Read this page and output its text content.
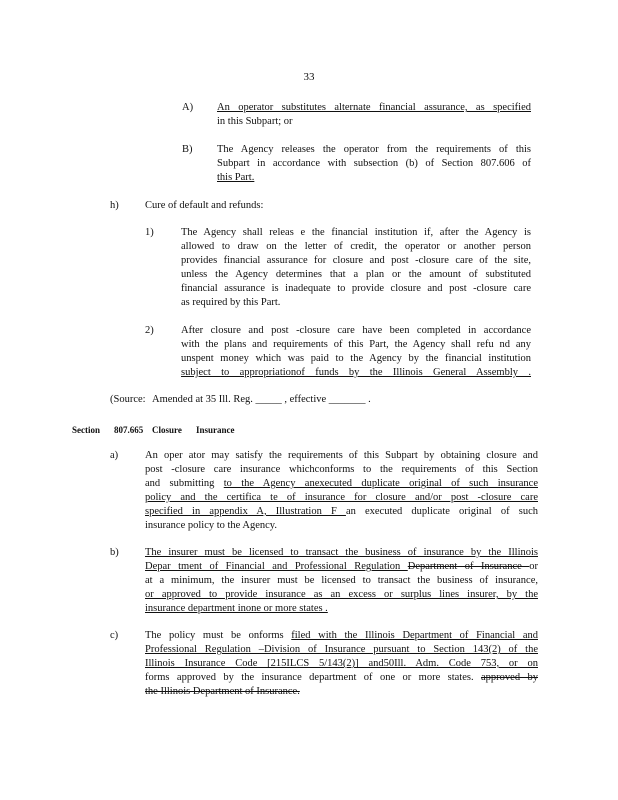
33
A) An operator substitutes alternate financial assurance, as specified
in this Subpart; or
B) The Agency releases the operator from the requirements of this
Subpart in accordance with subsection (b) of Section 807.606 of
this Part.
h)	Cure of default and refunds:
1)	The Agency shall releas e the financial institution if, after the Agency is
allowed to draw on the letter of credit, the operator or another person
provides financial assurance for closure and post -closure care of the site,
unless the Agency determines that a plan or the amount of substituted
financial assurance is inadequate to provide closure and post -closure care
as required by this Part.
2)	After closure and post -closure care have been completed in accordance
with the plans and requirements of this Part, the Agency shall refu nd any
unspent money which was paid to the Agency by the financial institution
subject to appropriationof funds by the Illinois General Assembly .
(Source: Amended at 35 Ill. Reg. _____ , effective _______ .
Section 807.665 Closure Insurance
a)	An oper ator may satisfy the requirements of this Subpart by obtaining closure and
post -closure care insurance whichconforms to the requirements of this Section
and submitting to the Agency anexecuted duplicate original of such insurance
policy and the certifica te of insurance for closure and/or post -closure care
specified in appendix A, Illustration F an executed duplicate original of such
insurance policy to the Agency.
b)	The insurer must be licensed to transact the business of insurance by the Illinois
Depar tment of Financial and Professional Regulation Department of Insurance or
at a minimum, the insurer must be licensed to transact the business of insurance,
or approved to provide insurance as an excess or surplus lines insurer, by the
insurance department inone or more states .
c)	The policy must be onforms filed with the Illinois Department of Financial and
Professional Regulation –Division of Insurance pursuant to Section 143(2) of the
Illinois Insurance Code [215ILCS 5/143(2)] and50Ill. Adm. Code 753, or on
forms approved by the insurance department of one or more states. approved by
the Illinois Department of Insurance.
